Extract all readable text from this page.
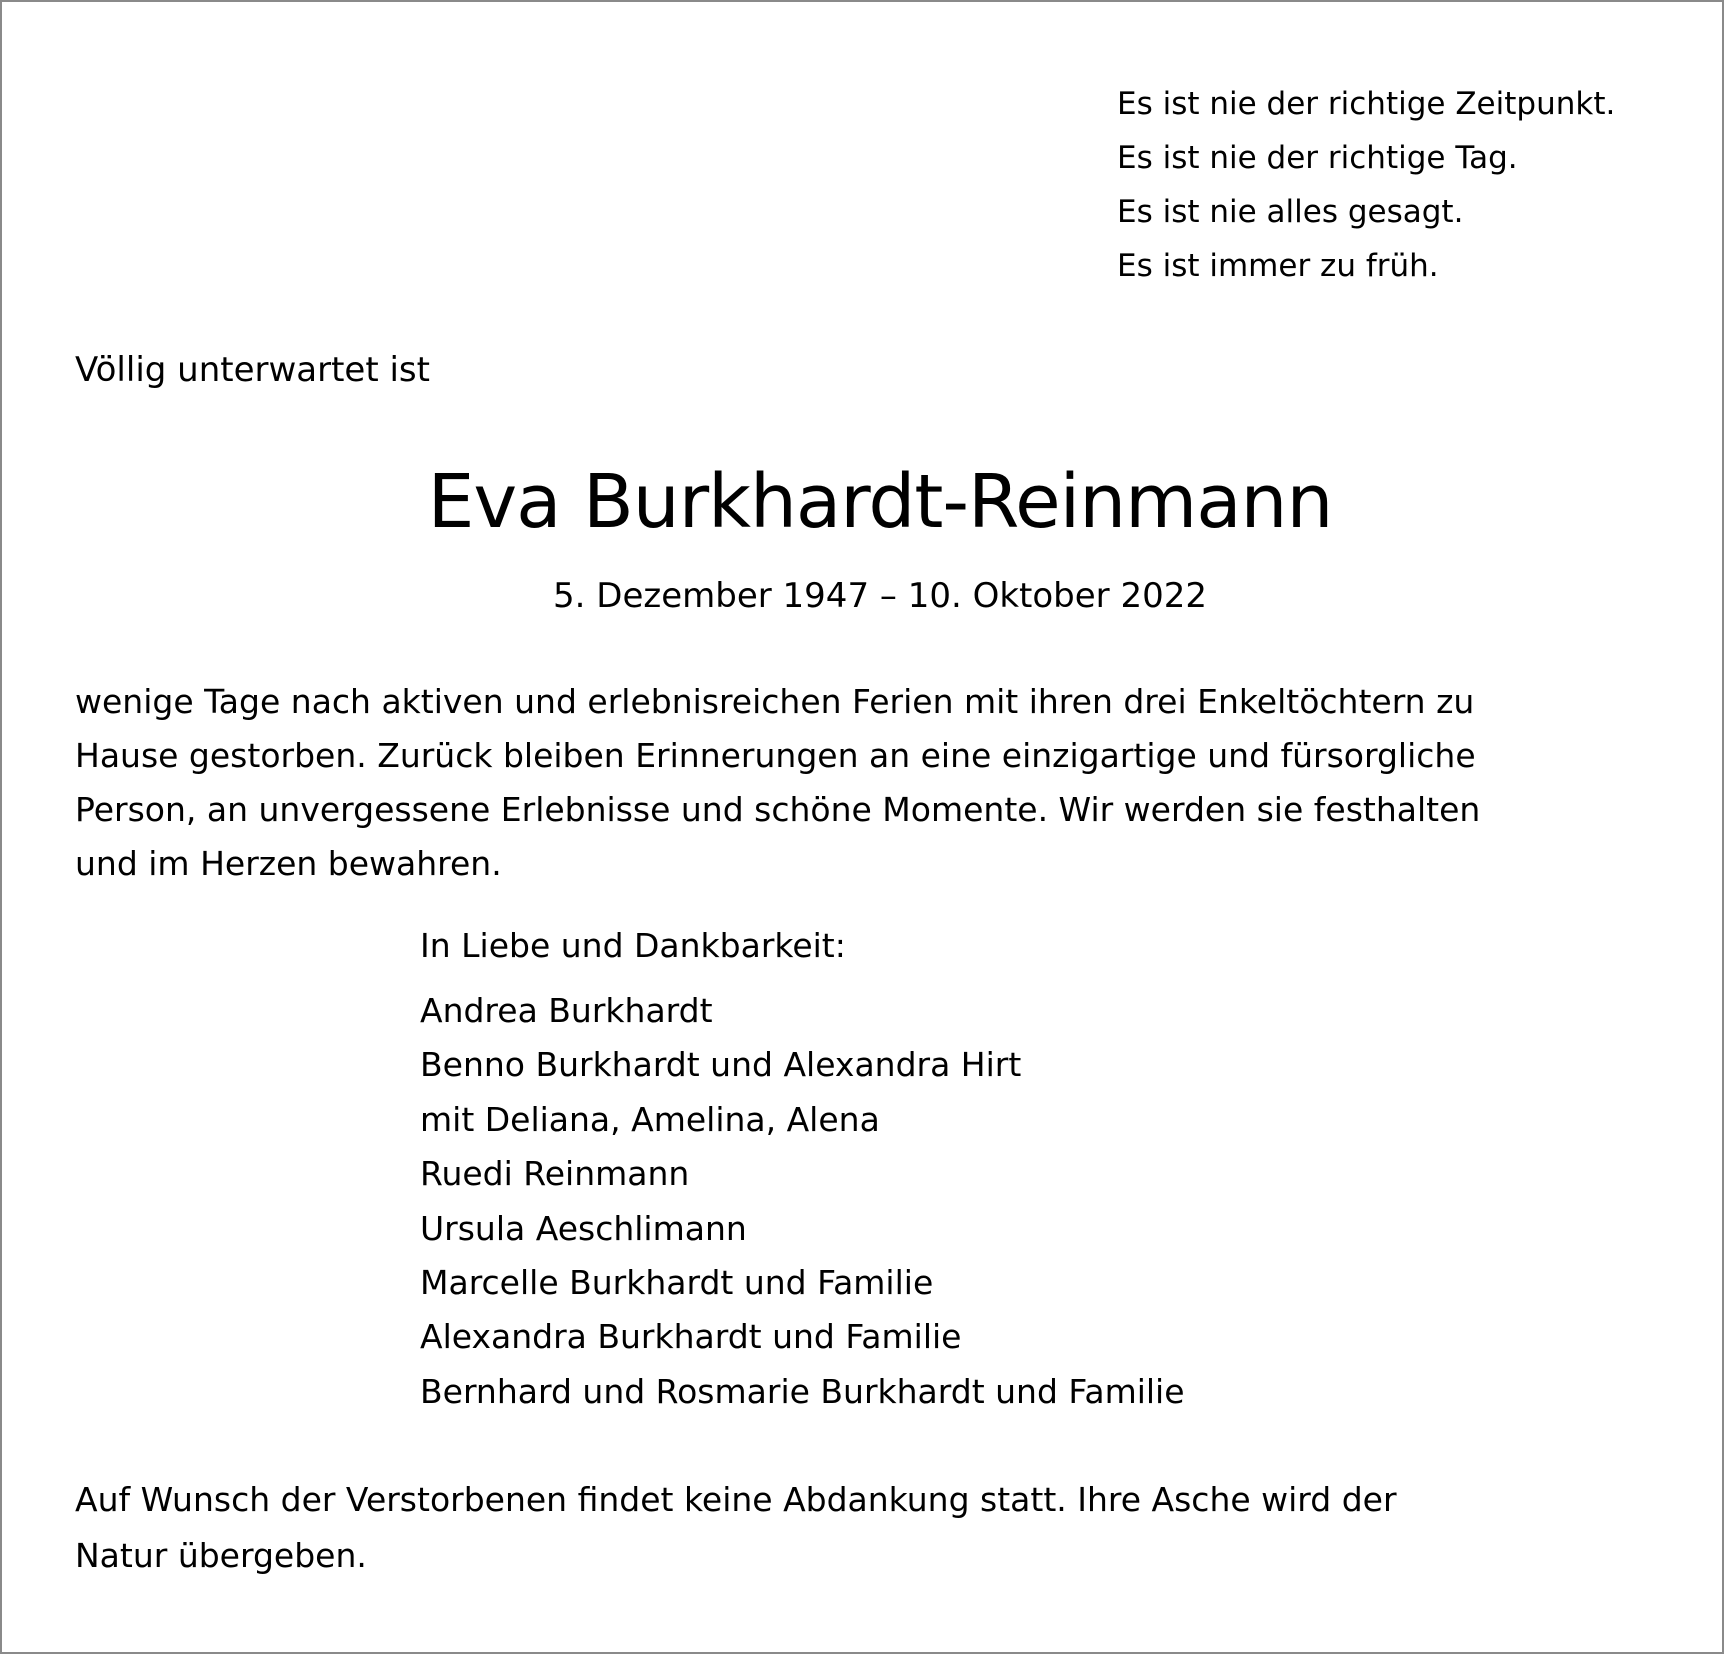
Es ist nie der richtige Zeitpunkt.
Es ist nie der richtige Tag.
Es ist nie alles gesagt.
Es ist immer zu früh.
Völlig unterwartet ist
Eva Burkhardt-Reinmann
5. Dezember 1947 – 10. Oktober 2022
wenige Tage nach aktiven und erlebnisreichen Ferien mit ihren drei Enkeltöchtern zu
Hause gestorben. Zurück bleiben Erinnerungen an eine einzigartige und fürsorgliche
Person, an unvergessene Erlebnisse und schöne Momente. Wir werden sie festhalten
und im Herzen bewahren.
In Liebe und Dankbarkeit:
Andrea Burkhardt
Benno Burkhardt und Alexandra Hirt
mit Deliana, Amelina, Alena
Ruedi Reinmann
Ursula Aeschlimann
Marcelle Burkhardt und Familie
Alexandra Burkhardt und Familie
Bernhard und Rosmarie Burkhardt und Familie
Auf Wunsch der Verstorbenen findet keine Abdankung statt. Ihre Asche wird der
Natur übergeben.
